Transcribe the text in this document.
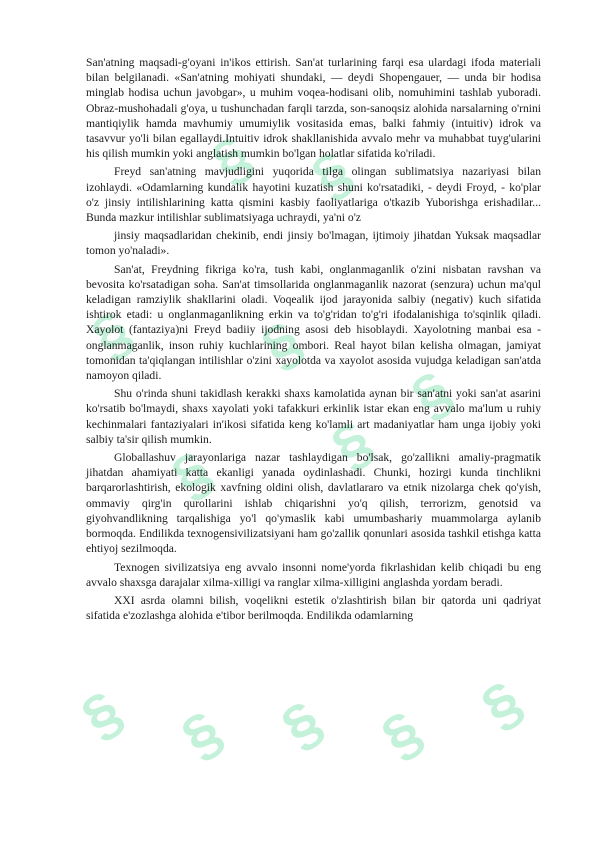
§
§
§
§
§
§ §
§ § § § §

San'atning maqsadi-g'oyani in'ikos ettirish. San'at turlarining farqi esa ulardagi ifoda materiali bilan belgilanadi. «San'atning mohiyati shundaki, — deydi Shopengauer, — unda bir hodisa minglab hodisa uchun javobgar», u muhim voqea-hodisani olib, nomuhimini tashlab yuboradi. Obraz-mushohadali g'oya, u tushunchadan farqli tarzda, son-sanoqsiz alohida narsalarning o'rnini mantiqiylik hamda mavhumiy umumiylik vositasida emas, balki fahmiy (intuitiv) idrok va tasavvur yo'li bilan egallaydi.Intuitiv idrok shakllanishida avvalo mehr va muhabbat tuyg'ularini his qilish mumkin yoki anglatish mumkin bo'lgan holatlar sifatida ko'riladi.

Freyd san'atning mavjudligini yuqorida tilga olingan sublimatsiya nazariyasi bilan izohlaydi. «Odamlarning kundalik hayotini kuzatish shuni ko'rsatadiki, - deydi Froyd, - ko'plar o'z jinsiy intilishlarining katta qismini kasbiy faoliyatlariga o'tkazib Yuborishga erishadilar... Bunda mazkur intilishlar sublimatsiyaga uchraydi, ya'ni o'z

jinsiy maqsadlaridan chekinib, endi jinsiy bo'lmagan, ijtimoiy jihatdan Yuksak maqsadlar tomon yo'naladi».

San'at, Freydning fikriga ko'ra, tush kabi, onglanmaganlik o'zini nisbatan ravshan va bevosita ko'rsatadigan soha. San'at timsollarida onglanmaganlik nazorat (senzura) uchun ma'qul keladigan ramziylik shakllarini oladi. Voqealik ijod jarayonida salbiy (negativ) kuch sifatida ishtirok etadi: u onglanmaganlikning erkin va to'g'ridan to'g'ri ifodalanishiga to'sqinlik qiladi. Xayolot (fantaziya)ni Freyd badiiy ijodning asosi deb hisoblaydi. Xayolotning manbai esa - onglanmaganlik, inson ruhiy kuchlarining ombori. Real hayot bilan kelisha olmagan, jamiyat tomonidan ta'qiqlangan intilishlar o'zini xayolotda va xayolot asosida vujudga keladigan san'atda namoyon qiladi.

Shu o'rinda shuni takidlash kerakki shaxs kamolatida aynan bir san'atni yoki san'at asarini ko'rsatib bo'lmaydi, shaxs xayolati yoki tafakkuri erkinlik istar ekan eng avvalo ma'lum u ruhiy kechinmalari fantaziyalari in'ikosi sifatida keng ko'lamli art madaniyatlar ham unga ijobiy yoki salbiy ta'sir qilish mumkin.

Globallashuv jarayonlariga nazar tashlaydigan bo'lsak, go'zallikni amaliy-pragmatik jihatdan ahamiyati katta ekanligi yanada oydinlashadi. Chunki, hozirgi kunda tinchlikni barqarorlashtirish, ekologik xavfning oldini olish, davlatlararo va etnik nizolarga chek qo'yish, ommaviy qirg'in qurollarini ishlab chiqarishni yo'q qilish, terrorizm, genotsid va giyohvandlikning tarqalishiga yo'l qo'ymaslik kabi umumbashariy muammolarga aylanib bormoqda. Endilikda texnogensivilizatsiyani ham go'zallik qonunlari asosida tashkil etishga katta ehtiyoj sezilmoqda.

Texnogen sivilizatsiya eng avvalo insonni nome'yorda fikrlashidan kelib chiqadi bu eng avvalo shaxsga darajalar xilma-xilligi va ranglar xilma-xilligini anglashda yordam beradi.

XXI asrda olamni bilish, voqelikni estetik o'zlashtirish bilan bir qatorda uni qadriyat sifatida e'zozlashga alohida e'tibor berilmoqda. Endilikda odamlarning
